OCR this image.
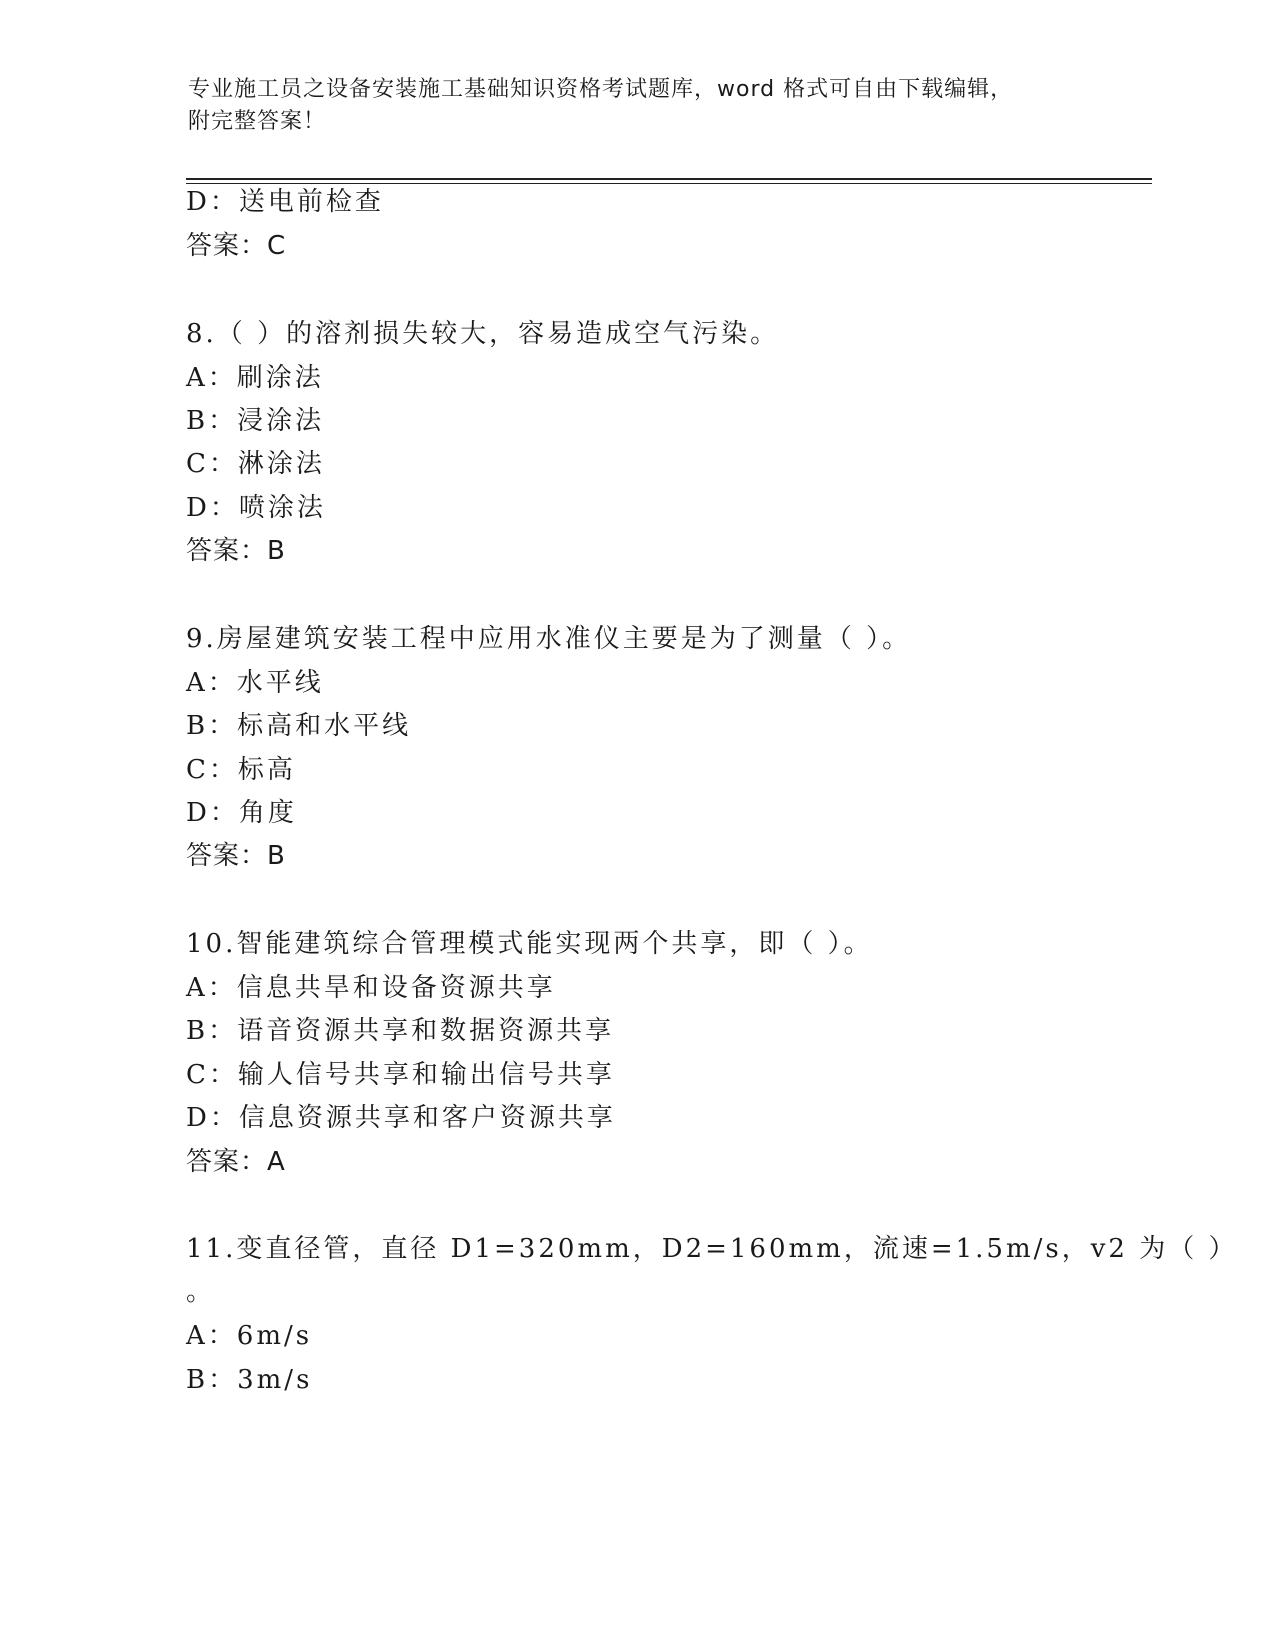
专业施工员之设备安装施工基础知识资格考试题库，word 格式可自由下载编辑，
附完整答案！
D：送电前检查
答案：C
8.（ ）的溶剂损失较大，容易造成空气污染。
A：刷涂法
B：浸涂法
C：淋涂法
D：喷涂法
答案：B
9.房屋建筑安装工程中应用水准仪主要是为了测量（ ）。
A：水平线
B：标高和水平线
C：标高
D：角度
答案：B
10.智能建筑综合管理模式能实现两个共享，即（ ）。
A：信息共旱和设备资源共享
B：语音资源共享和数据资源共享
C：输人信号共享和输出信号共享
D：信息资源共享和客户资源共享
答案：A
11.变直径管，直径 D1=320mm，D2=160mm，流速=1.5m/s，v2 为（ ）
。
A：6m/s
B：3m/s
